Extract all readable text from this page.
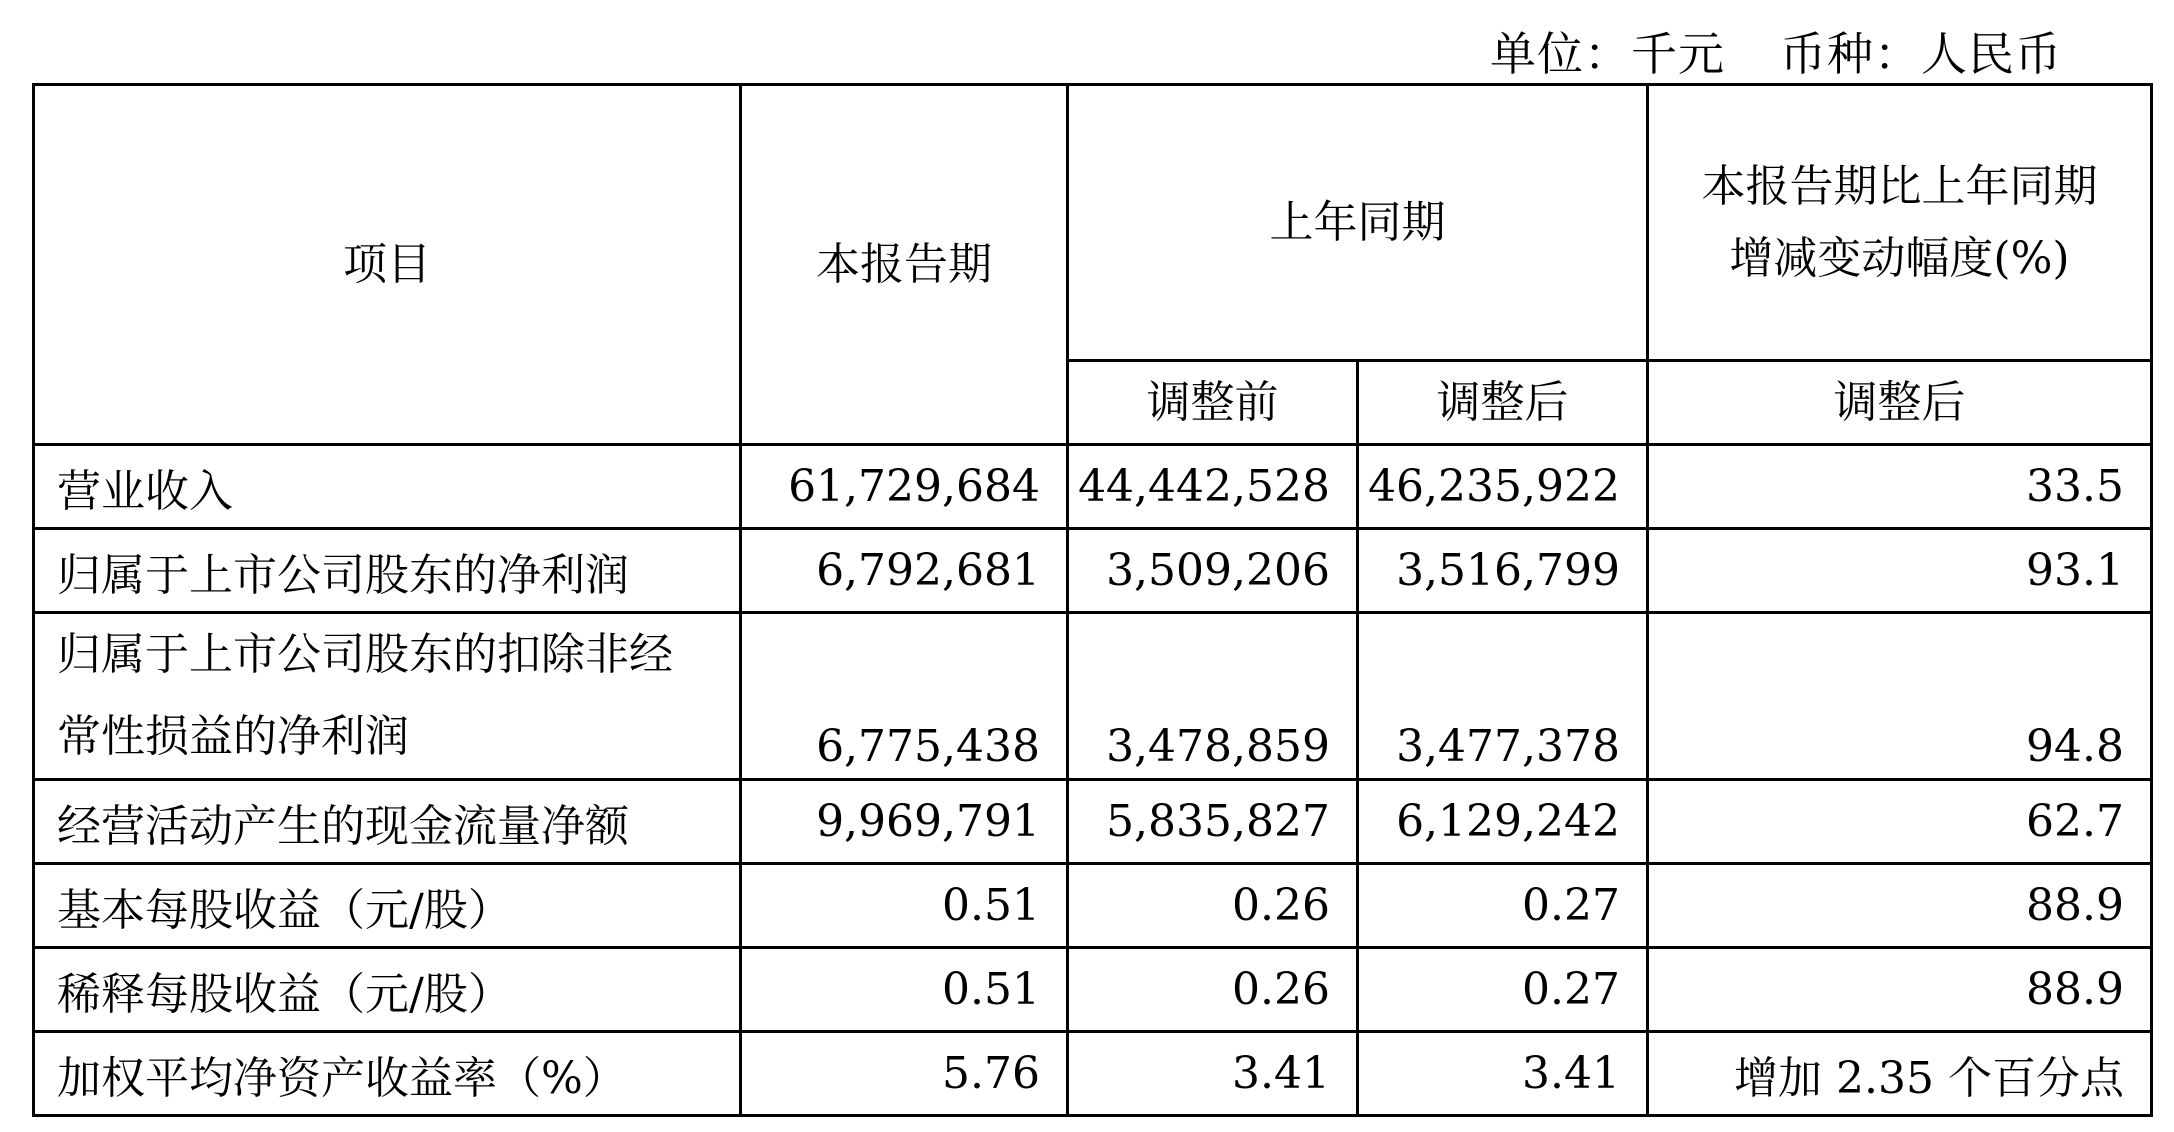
单位：千元 币种：人民币
项目	本报告期	上年同期		本报告期比上年同期增减变动幅度(%)
		调整前	调整后	调整后
营业收入	61,729,684	44,442,528	46,235,922	33.5
归属于上市公司股东的净利润	6,792,681	3,509,206	3,516,799	93.1
归属于上市公司股东的扣除非经常性损益的净利润	6,775,438	3,478,859	3,477,378	94.8
经营活动产生的现金流量净额	9,969,791	5,835,827	6,129,242	62.7
基本每股收益（元/股）	0.51	0.26	0.27	88.9
稀释每股收益（元/股）	0.51	0.26	0.27	88.9
加权平均净资产收益率（%）	5.76	3.41	3.41	增加 2.35 个百分点
